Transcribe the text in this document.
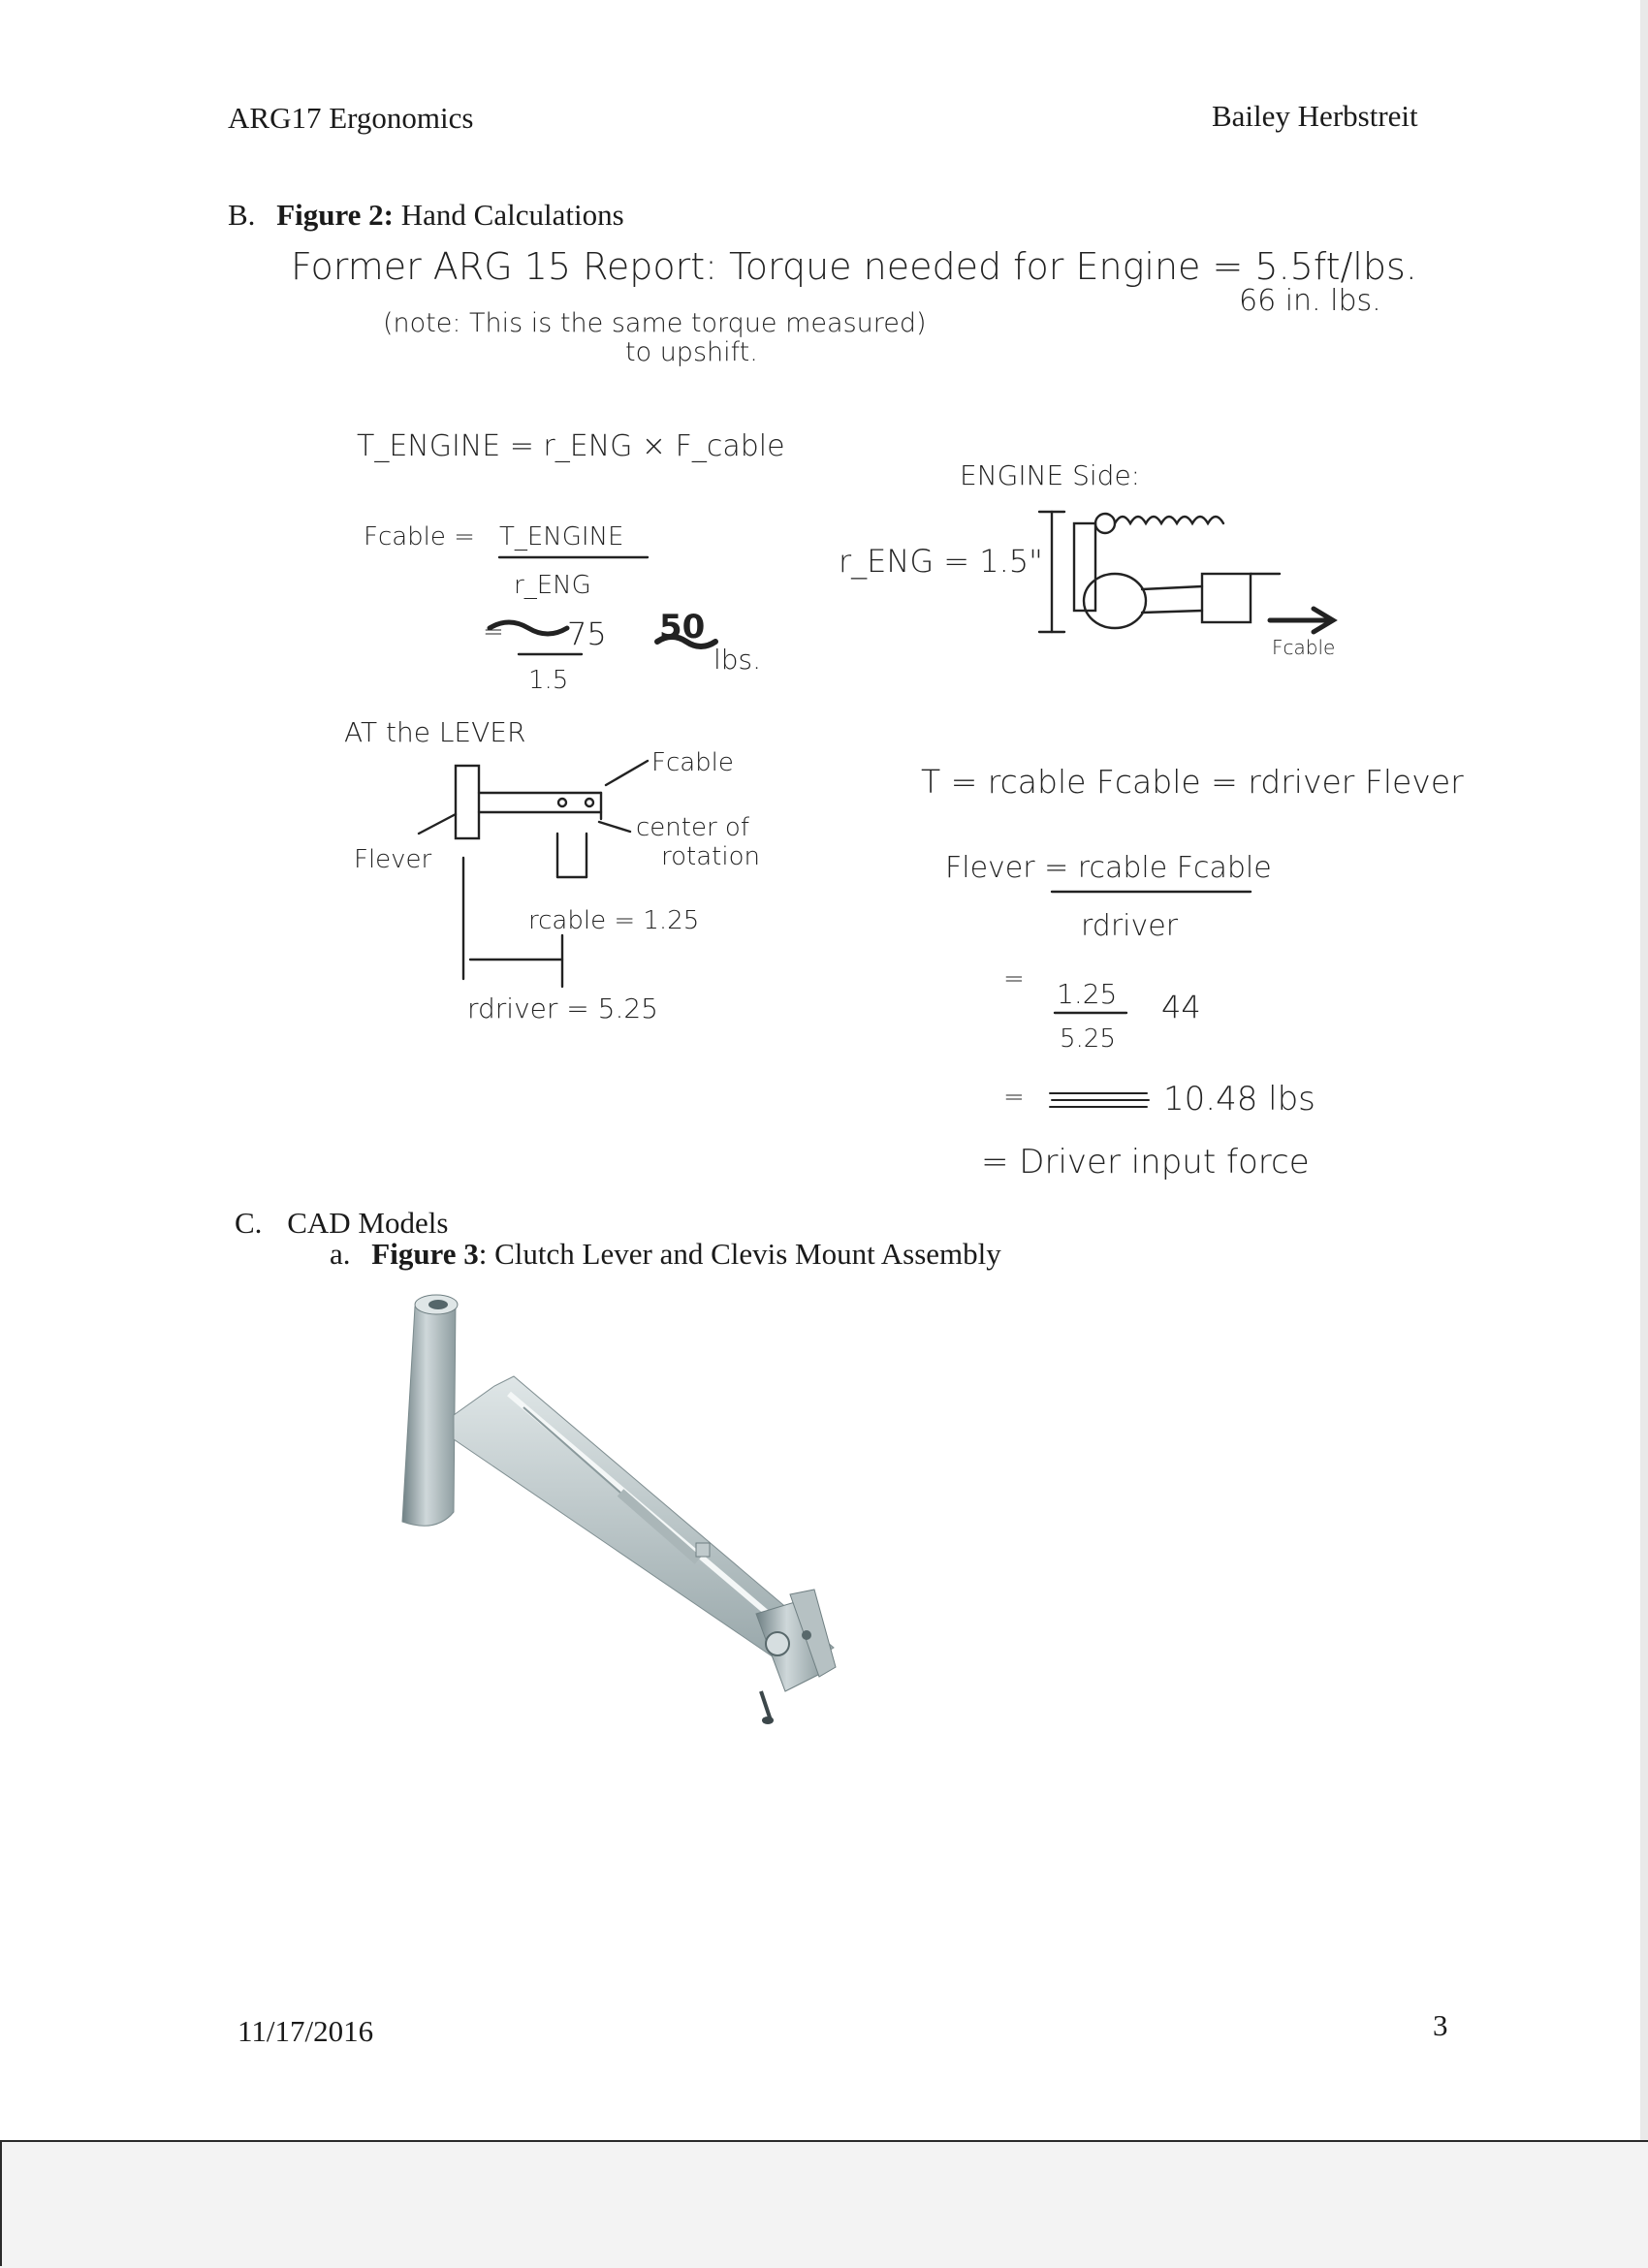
ARG17 Ergonomics	Bailey Herbstreit
B. Figure 2: Hand Calculations
Former ARG 15 Report: Torque needed for Engine = 5.5ft/lbs.
66 in. lbs.
(note: This is the same torque measured)
to upshift.
T_ENGINE = r_ENG × F_cable
Fcable = T_ENGINE
r_ENG
= 75 50
lbs.
1.5
ENGINE Side:
r_ENG = 1.5"
Fcable
AT the LEVER
Fcable
center of
rotation
Flever
rcable = 1.25
rdriver = 5.25
T = rcable Fcable = rdriver Flever
Flever = rcable Fcable
rdriver
= 1.25 44
5.25
=	10.48 lbs
= Driver input force
C. CAD Models
a. Figure 3: Clutch Lever and Clevis Mount Assembly
11/17/2016	3
